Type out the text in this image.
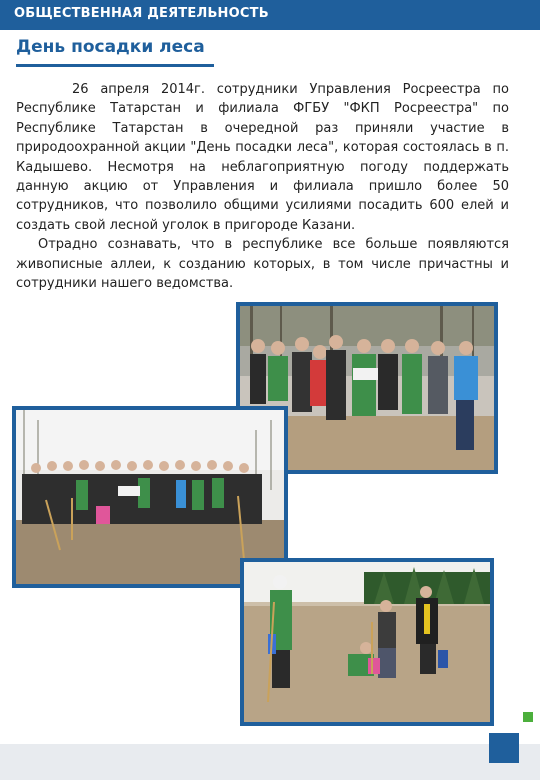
ОБЩЕСТВЕННАЯ ДЕЯТЕЛЬНОСТЬ
День посадки леса

26 апреля 2014г. сотрудники Управления Росреестра по Республике Татарстан и филиала ФГБУ "ФКП Росреестра" по Республике Татарстан в очередной раз приняли участие в природоохранной акции "День посадки леса", которая состоялась в п. Кадышево. Несмотря на неблагоприятную погоду поддержать данную акцию от Управления и филиала пришло более 50 сотрудников, что позволило общими усилиями посадить 600 елей и создать свой лесной уголок в пригороде Казани.

Отрадно сознавать, что в республике все больше появляются живописные аллеи, к созданию которых, в том числе причастны и сотрудники нашего ведомства.
